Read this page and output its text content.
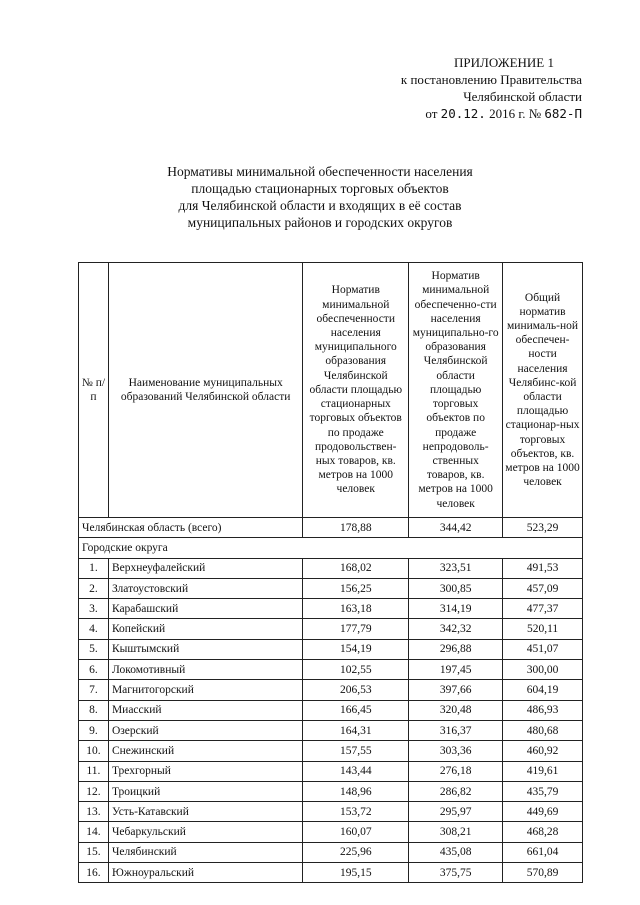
ПРИЛОЖЕНИЕ 1
к постановлению Правительства
Челябинской области
от 20.12. 2016 г. № 682-П
Нормативы минимальной обеспеченности населения
площадью стационарных торговых объектов
для Челябинской области и входящих в её состав
муниципальных районов и городских округов
№ п/п	Наименование муниципальных образований Челябинской области	Норматив минимальной обеспеченности населения муниципального образования Челябинской области площадью стационарных торговых объектов по продаже продовольствен-ных товаров, кв. метров на 1000 человек	Норматив минимальной обеспеченно-сти населения муниципально-го образования Челябинской области площадью торговых объектов по продаже непродоволь-ственных товаров, кв. метров на 1000 человек	Общий норматив минималь-ной обеспечен-ности населения Челябинс-кой области площадью стационар-ных торговых объектов, кв. метров на 1000 человек
Челябинская область (всего)		178,88	344,42	523,29
Городские округа				
1.	Верхнеуфалейский	168,02	323,51	491,53
2.	Златоустовский	156,25	300,85	457,09
3.	Карабашский	163,18	314,19	477,37
4.	Копейский	177,79	342,32	520,11
5.	Кыштымский	154,19	296,88	451,07
6.	Локомотивный	102,55	197,45	300,00
7.	Магнитогорский	206,53	397,66	604,19
8.	Миасский	166,45	320,48	486,93
9.	Озерский	164,31	316,37	480,68
10.	Снежинский	157,55	303,36	460,92
11.	Трехгорный	143,44	276,18	419,61
12.	Троицкий	148,96	286,82	435,79
13.	Усть-Катавский	153,72	295,97	449,69
14.	Чебаркульский	160,07	308,21	468,28
15.	Челябинский	225,96	435,08	661,04
16.	Южноуральский	195,15	375,75	570,89
